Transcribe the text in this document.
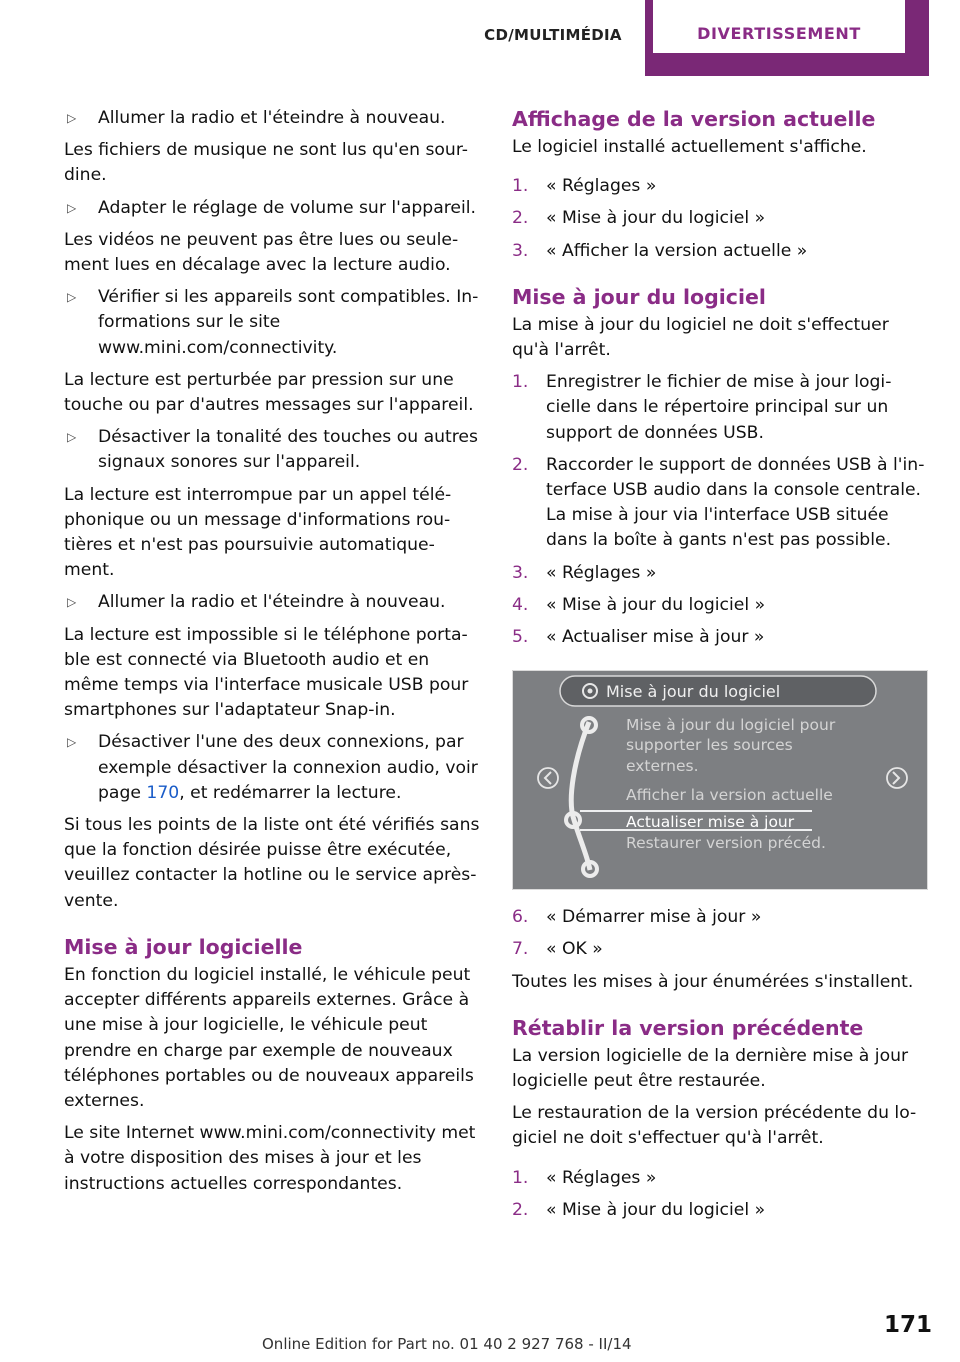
CD/MULTIMÉDIA	DIVERTISSEMENT
▷ Allumer la radio et l'éteindre à nouveau.

Les fichiers de musique ne sont lus qu'en sour-dine.

▷ Adapter le réglage de volume sur l'appareil.

Les vidéos ne peuvent pas être lues ou seule-ment lues en décalage avec la lecture audio.

▷ Vérifier si les appareils sont compatibles. In-formations sur le site www.mini.com/connectivity.

La lecture est perturbée par pression sur une touche ou par d'autres messages sur l'appareil.

▷ Désactiver la tonalité des touches ou autres signaux sonores sur l'appareil.

La lecture est interrompue par un appel télé-phonique ou un message d'informations rou-tières et n'est pas poursuivie automatique-ment.

▷ Allumer la radio et l'éteindre à nouveau.

La lecture est impossible si le téléphone porta-ble est connecté via Bluetooth audio et en même temps via l'interface musicale USB pour smartphones sur l'adaptateur Snap-in.

▷ Désactiver l'une des deux connexions, par exemple désactiver la connexion audio, voir page 170, et redémarrer la lecture.

Si tous les points de la liste ont été vérifiés sans que la fonction désirée puisse être exécutée, veuillez contacter la hotline ou le service après-vente.

Mise à jour logicielle

En fonction du logiciel installé, le véhicule peut accepter différents appareils externes. Grâce à une mise à jour logicielle, le véhicule peut prendre en charge par exemple de nouveaux téléphones portables ou de nouveaux appareils externes.

Le site Internet www.mini.com/connectivity met à votre disposition des mises à jour et les instructions actuelles correspondantes.

Affichage de la version actuelle

Le logiciel installé actuellement s'affiche.

1. « Réglages »
2. « Mise à jour du logiciel »
3. « Afficher la version actuelle »
Mise à jour du logiciel

La mise à jour du logiciel ne doit s'effectuer qu'à l'arrêt.

1. Enregistrer le fichier de mise à jour logi-cielle dans le répertoire principal sur un support de données USB.
2. Raccorder le support de données USB à l'in-terface USB audio dans la console centrale. La mise à jour via l'interface USB située dans la boîte à gants n'est pas possible.
3. « Réglages »
4. « Mise à jour du logiciel »
5. « Actualiser mise à jour »
Mise à jour du logiciel
Mise à jour du logiciel pour
supporter les sources
externes.
Afficher la version actuelle
Actualiser mise à jour
Restaurer version précéd.
6. « Démarrer mise à jour »
7. « OK »

Toutes les mises à jour énumérées s'installent.

Rétablir la version précédente

La version logicielle de la dernière mise à jour logicielle peut être restaurée.

Le restauration de la version précédente du lo-giciel ne doit s'effectuer qu'à l'arrêt.

1. « Réglages »
2. « Mise à jour du logiciel »
171
Online Edition for Part no. 01 40 2 927 768 - II/14
